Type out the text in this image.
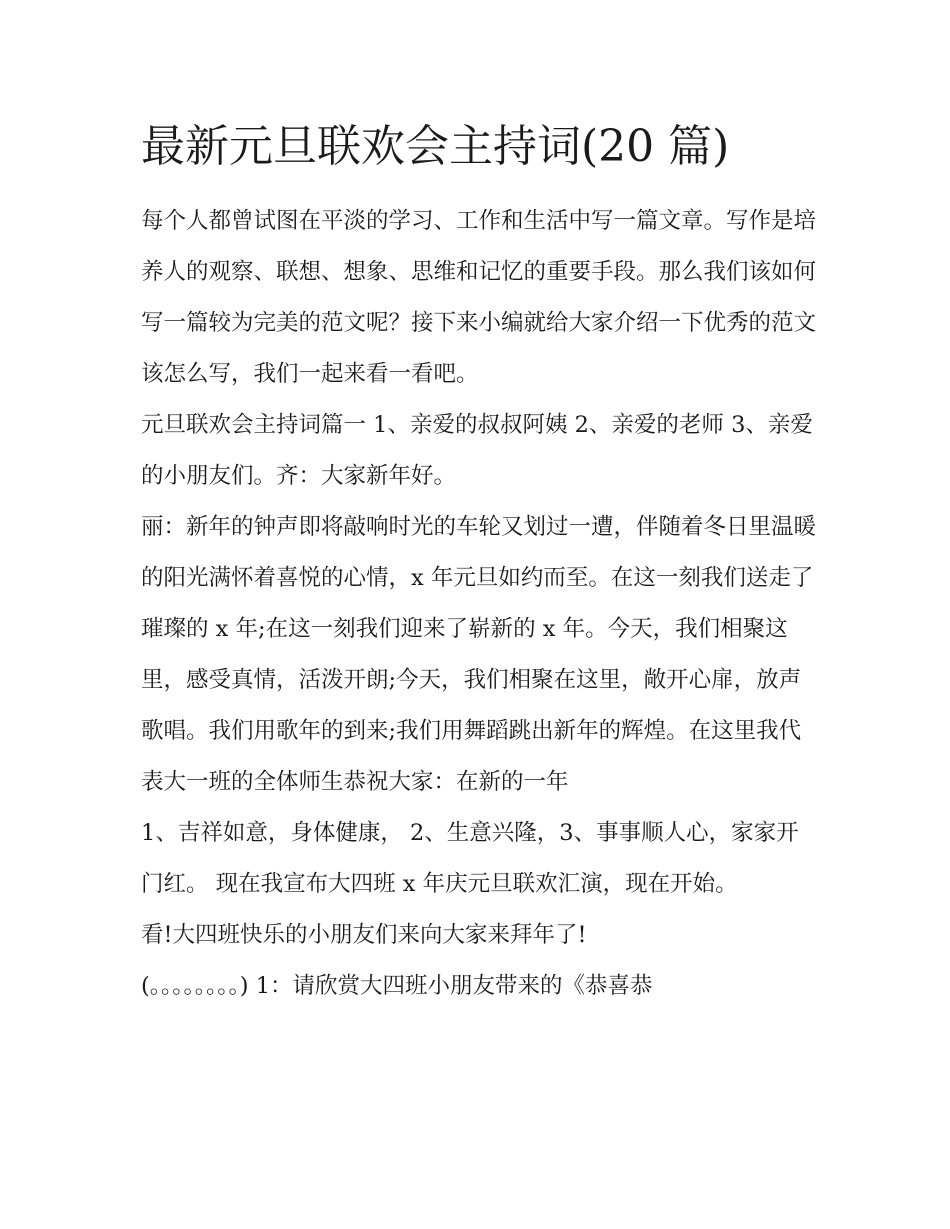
最新元旦联欢会主持词(20 篇)

每个人都曾试图在平淡的学习、工作和生活中写一篇文章。写作是培养人的观察、联想、想象、思维和记忆的重要手段。那么我们该如何写一篇较为完美的范文呢？接下来小编就给大家介绍一下优秀的范文该怎么写，我们一起来看一看吧。

元旦联欢会主持词篇一 1、亲爱的叔叔阿姨 2、亲爱的老师 3、亲爱的小朋友们。齐：大家新年好。

丽：新年的钟声即将敲响时光的车轮又划过一遭，伴随着冬日里温暖的阳光满怀着喜悦的心情，x 年元旦如约而至。在这一刻我们送走了璀璨的 x 年;在这一刻我们迎来了崭新的 x 年。今天，我们相聚这里，感受真情，活泼开朗;今天，我们相聚在这里，敞开心扉，放声歌唱。我们用歌年的到来;我们用舞蹈跳出新年的辉煌。在这里我代表大一班的全体师生恭祝大家：在新的一年

1、吉祥如意，身体健康， 2、生意兴隆，3、事事顺人心，家家开门红。 现在我宣布大四班 x 年庆元旦联欢汇演，现在开始。

看!大四班快乐的小朋友们来向大家来拜年了!

(。。。。。。。。) 1：请欣赏大四班小朋友带来的《恭喜恭
